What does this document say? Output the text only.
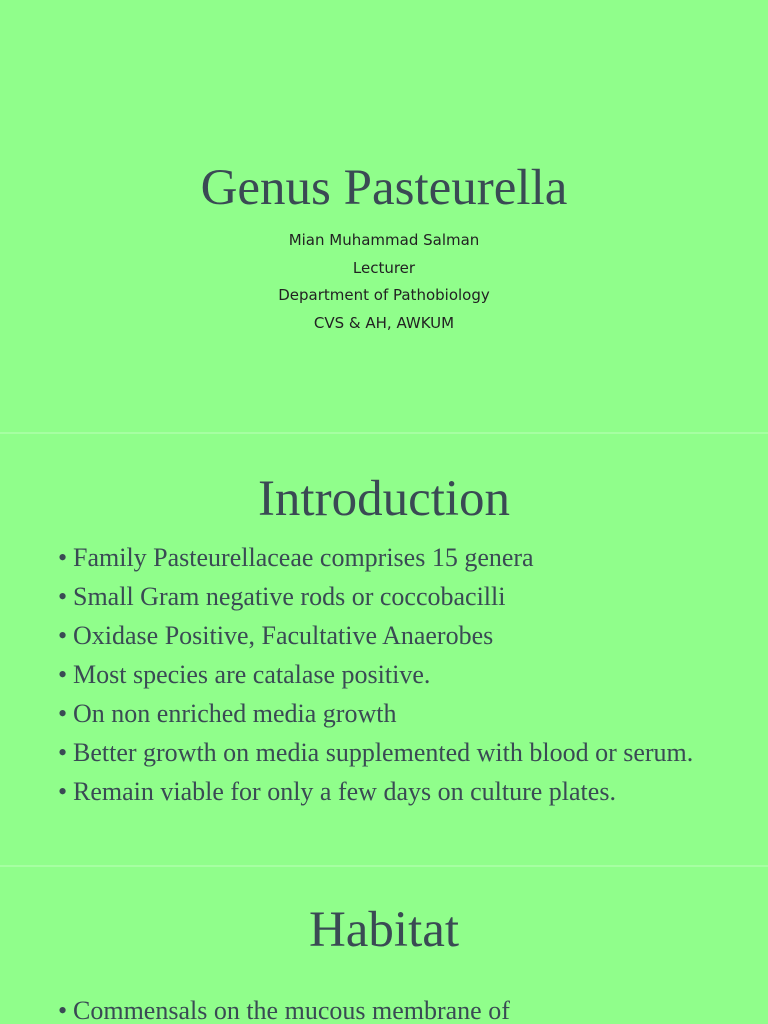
Genus Pasteurella
Mian Muhammad Salman
Lecturer
Department of Pathobiology
CVS & AH, AWKUM
Introduction
• Family Pasteurellaceae comprises 15 genera
• Small Gram negative rods or coccobacilli
• Oxidase Positive, Facultative Anaerobes
• Most species are catalase positive.
• On non enriched media growth
• Better growth on media supplemented with blood or serum.
• Remain viable for only a few days on culture plates.
Habitat
• Commensals on the mucous membrane of
